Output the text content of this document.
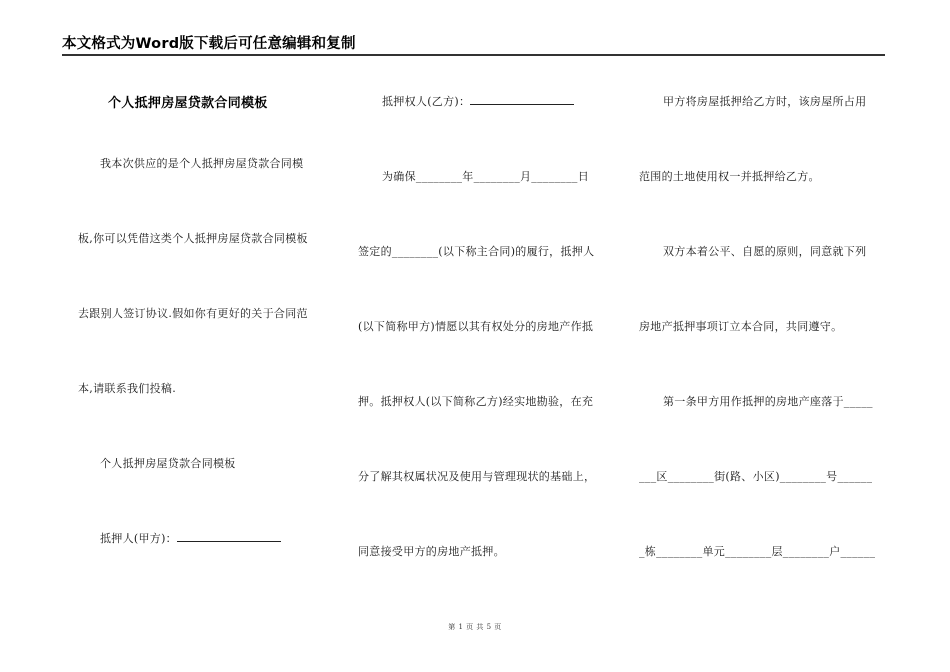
本文格式为Word版下载后可任意编辑和复制
个人抵押房屋贷款合同模板
我本次供应的是个人抵押房屋贷款合同模
板,你可以凭借这类个人抵押房屋贷款合同模板
去跟别人签订协议.假如你有更好的关于合同范
本,请联系我们投稿.
个人抵押房屋贷款合同模板
抵押人(甲方)：
抵押权人(乙方)：
为确保________年________月________日
签定的________(以下称主合同)的履行，抵押人
(以下简称甲方)情愿以其有权处分的房地产作抵
押。抵押权人(以下简称乙方)经实地勘验，在充
分了解其权属状况及使用与管理现状的基础上，
同意接受甲方的房地产抵押。
甲方将房屋抵押给乙方时，该房屋所占用
范围的土地使用权一并抵押给乙方。
双方本着公平、自愿的原则，同意就下列
房地产抵押事项订立本合同，共同遵守。
第一条甲方用作抵押的房地产座落于_____
___区________街(路、小区)________号______
_栋________单元________层________户______
第 1 页 共 5 页
